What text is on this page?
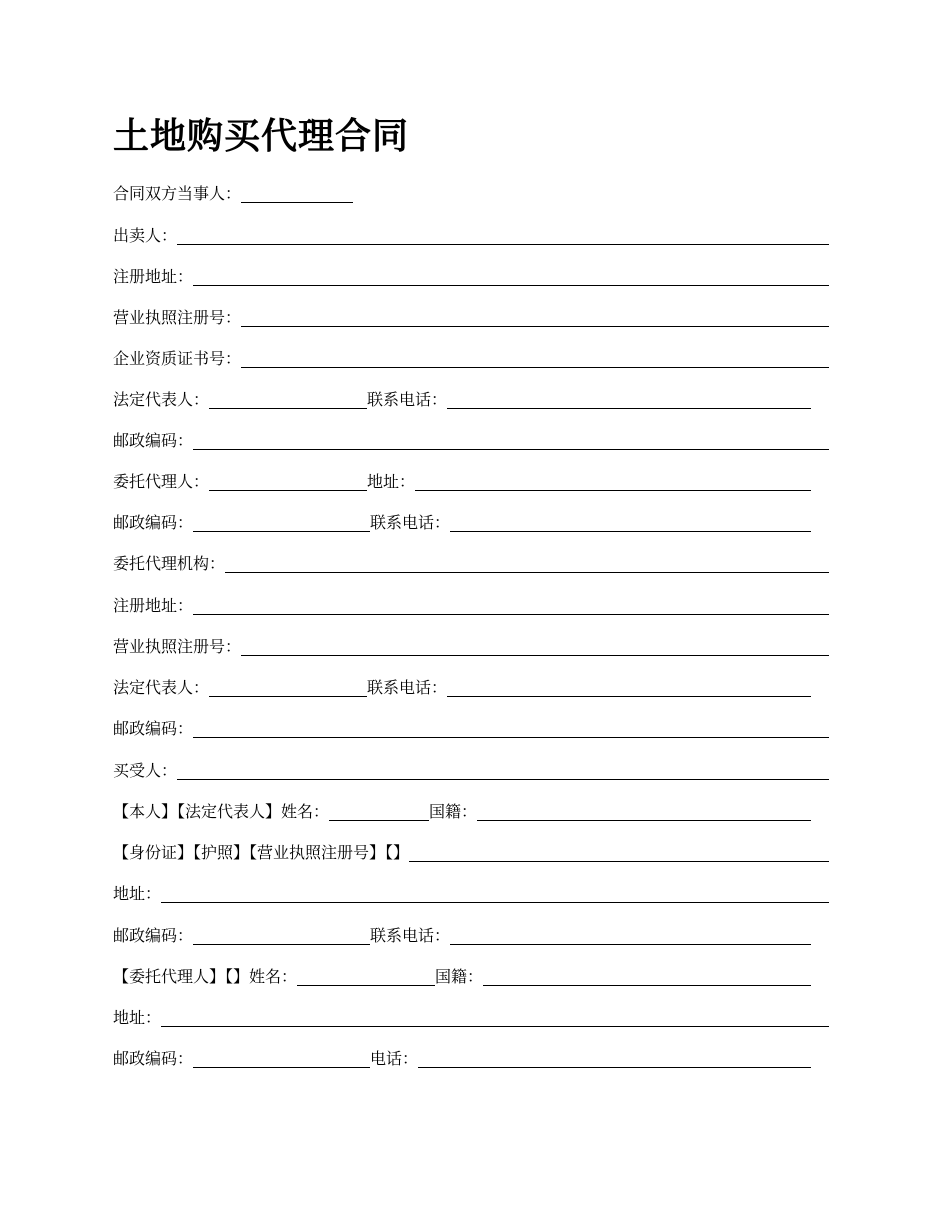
土地购买代理合同
合同双方当事人：
出卖人：
注册地址：
营业执照注册号：
企业资质证书号：
法定代表人：	联系电话：
邮政编码：
委托代理人：	地址：
邮政编码：	联系电话：
委托代理机构：
注册地址：
营业执照注册号：
法定代表人：	联系电话：
邮政编码：
买受人：
【本人】【法定代表人】姓名：	国籍：
【身份证】【护照】【营业执照注册号】【】
地址：
邮政编码：	联系电话：
【委托代理人】【】姓名：	国籍：
地址：
邮政编码：	电话：
